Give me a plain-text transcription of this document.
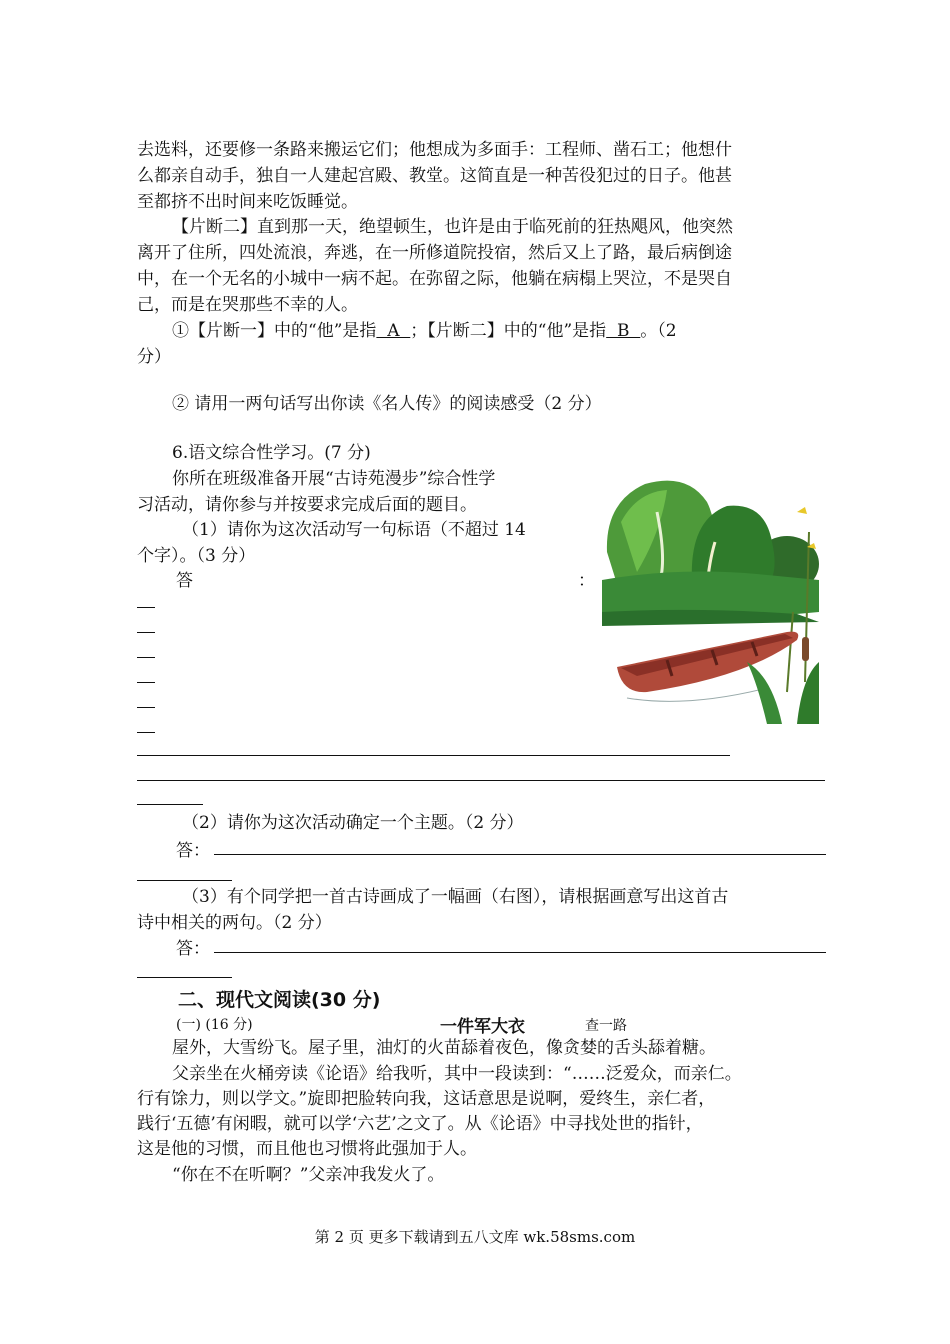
去选料，还要修一条路来搬运它们；他想成为多面手：工程师、凿石工；他想什
么都亲自动手，独自一人建起宫殿、教堂。这简直是一种苦役犯过的日子。他甚
至都挤不出时间来吃饭睡觉。
【片断二】直到那一天，绝望顿生，也许是由于临死前的狂热飓风，他突然
离开了住所，四处流浪，奔逃，在一所修道院投宿，然后又上了路，最后病倒途
中，在一个无名的小城中一病不起。在弥留之际，他躺在病榻上哭泣，不是哭自
己，而是在哭那些不幸的人。
①【片断一】中的“他”是指  A  ；【片断二】中的“他”是指  B  。（2
分）
② 请用一两句话写出你读《名人传》的阅读感受（2 分）
6.语文综合性学习。(7 分)
你所在班级准备开展“古诗苑漫步”综合性学
习活动，请你参与并按要求完成后面的题目。
（1）请你为这次活动写一句标语（不超过 14
个字）。（3 分）
答	：
（2）请你为这次活动确定一个主题。（2 分）
答：
（3）有个同学把一首古诗画成了一幅画（右图），请根据画意写出这首古
诗中相关的两句。（2 分）
答：
二、现代文阅读(30 分)
(一) (16 分)	一件军大衣	查一路
屋外，大雪纷飞。屋子里，油灯的火苗舔着夜色，像贪婪的舌头舔着糖。
父亲坐在火桶旁读《论语》给我听，其中一段读到：“……泛爱众，而亲仁。
行有馀力，则以学文。”旋即把脸转向我，这话意思是说啊，爱终生，亲仁者，
践行‘五德’有闲暇，就可以学‘六艺’之文了。从《论语》中寻找处世的指针，
这是他的习惯，而且他也习惯将此强加于人。
“你在不在听啊？”父亲冲我发火了。
第 2 页 更多下载请到五八文库 wk.58sms.com
